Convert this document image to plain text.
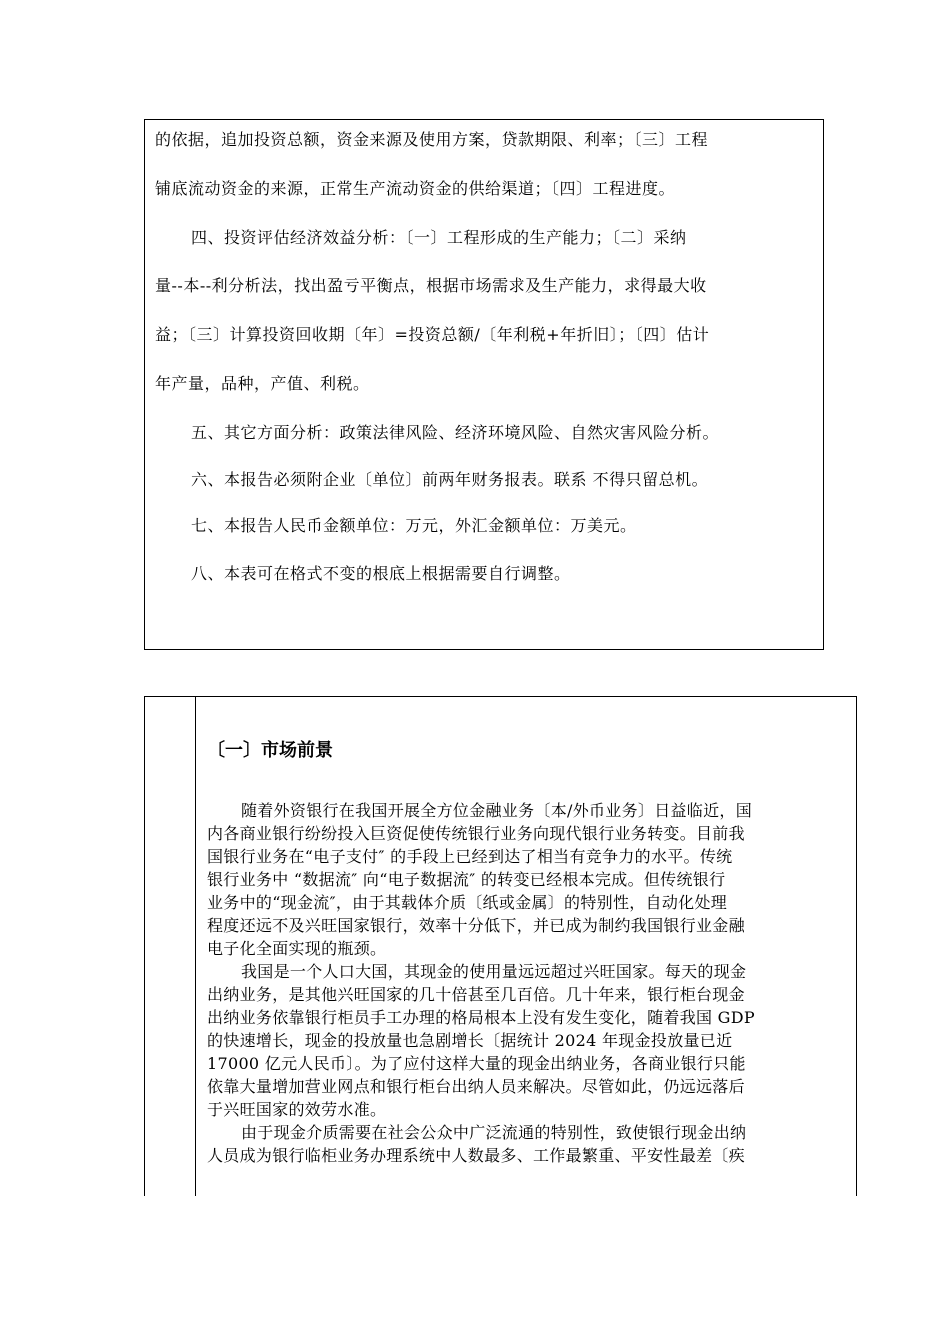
的依据，追加投资总额，资金来源及使用方案，贷款期限、利率；〔三〕工程
铺底流动资金的来源，正常生产流动资金的供给渠道；〔四〕工程进度。
四、投资评估经济效益分析：〔一〕工程形成的生产能力；〔二〕采纳
量--本--利分析法，找出盈亏平衡点，根据市场需求及生产能力，求得最大收
益；〔三〕计算投资回收期〔年〕=投资总额/〔年利税+年折旧〕；〔四〕估计
年产量，品种，产值、利税。
五、其它方面分析：政策法律风险、经济环境风险、自然灾害风险分析。
六、本报告必须附企业〔单位〕前两年财务报表。联系 不得只留总机。
七、本报告人民币金额单位：万元，外汇金额单位：万美元。
八、本表可在格式不变的根底上根据需要自行调整。
〔一〕市场前景
随着外资银行在我国开展全方位金融业务〔本/外币业务〕日益临近，国
内各商业银行纷纷投入巨资促使传统银行业务向现代银行业务转变。目前我
国银行业务在“电子支付″ 的手段上已经到达了相当有竞争力的水平。传统
银行业务中 “数据流″ 向“电子数据流″ 的转变已经根本完成。但传统银行
业务中的“现金流″，由于其载体介质〔纸或金属〕的特别性，自动化处理
程度还远不及兴旺国家银行，效率十分低下，并已成为制约我国银行业金融
电子化全面实现的瓶颈。
我国是一个人口大国，其现金的使用量远远超过兴旺国家。每天的现金
出纳业务，是其他兴旺国家的几十倍甚至几百倍。几十年来，银行柜台现金
出纳业务依靠银行柜员手工办理的格局根本上没有发生变化，随着我国 GDP
的快速增长，现金的投放量也急剧增长〔据统计 2024 年现金投放量已近
17000 亿元人民币〕。为了应付这样大量的现金出纳业务，各商业银行只能
依靠大量增加营业网点和银行柜台出纳人员来解决。尽管如此，仍远远落后
于兴旺国家的效劳水准。
由于现金介质需要在社会公众中广泛流通的特别性，致使银行现金出纳
人员成为银行临柜业务办理系统中人数最多、工作最繁重、平安性最差〔疾
